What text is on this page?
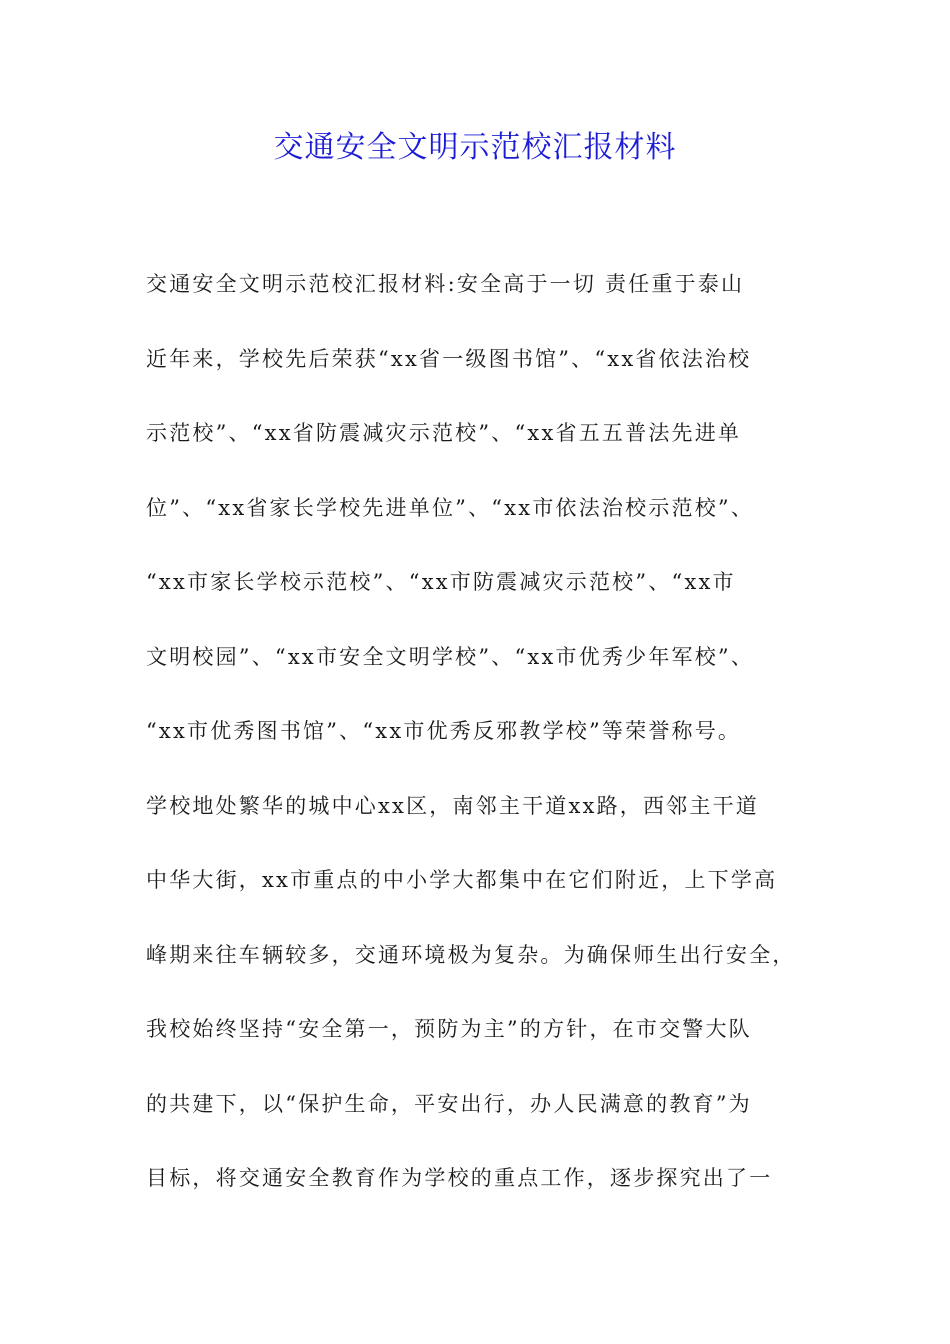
交通安全文明示范校汇报材料
交通安全文明示范校汇报材料:安全高于一切 责任重于泰山
近年来，学校先后荣获“xx省一级图书馆”、“xx省依法治校
示范校”、“xx省防震减灾示范校”、“xx省五五普法先进单
位”、“xx省家长学校先进单位”、“xx市依法治校示范校”、
“xx市家长学校示范校”、“xx市防震减灾示范校”、“xx市
文明校园”、“xx市安全文明学校”、“xx市优秀少年军校”、
“xx市优秀图书馆”、“xx市优秀反邪教学校”等荣誉称号。
学校地处繁华的城中心xx区，南邻主干道xx路，西邻主干道
中华大街，xx市重点的中小学大都集中在它们附近，上下学高
峰期来往车辆较多，交通环境极为复杂。为确保师生出行安全，
我校始终坚持“安全第一，预防为主”的方针，在市交警大队
的共建下，以“保护生命，平安出行，办人民满意的教育”为
目标，将交通安全教育作为学校的重点工作，逐步探究出了一
